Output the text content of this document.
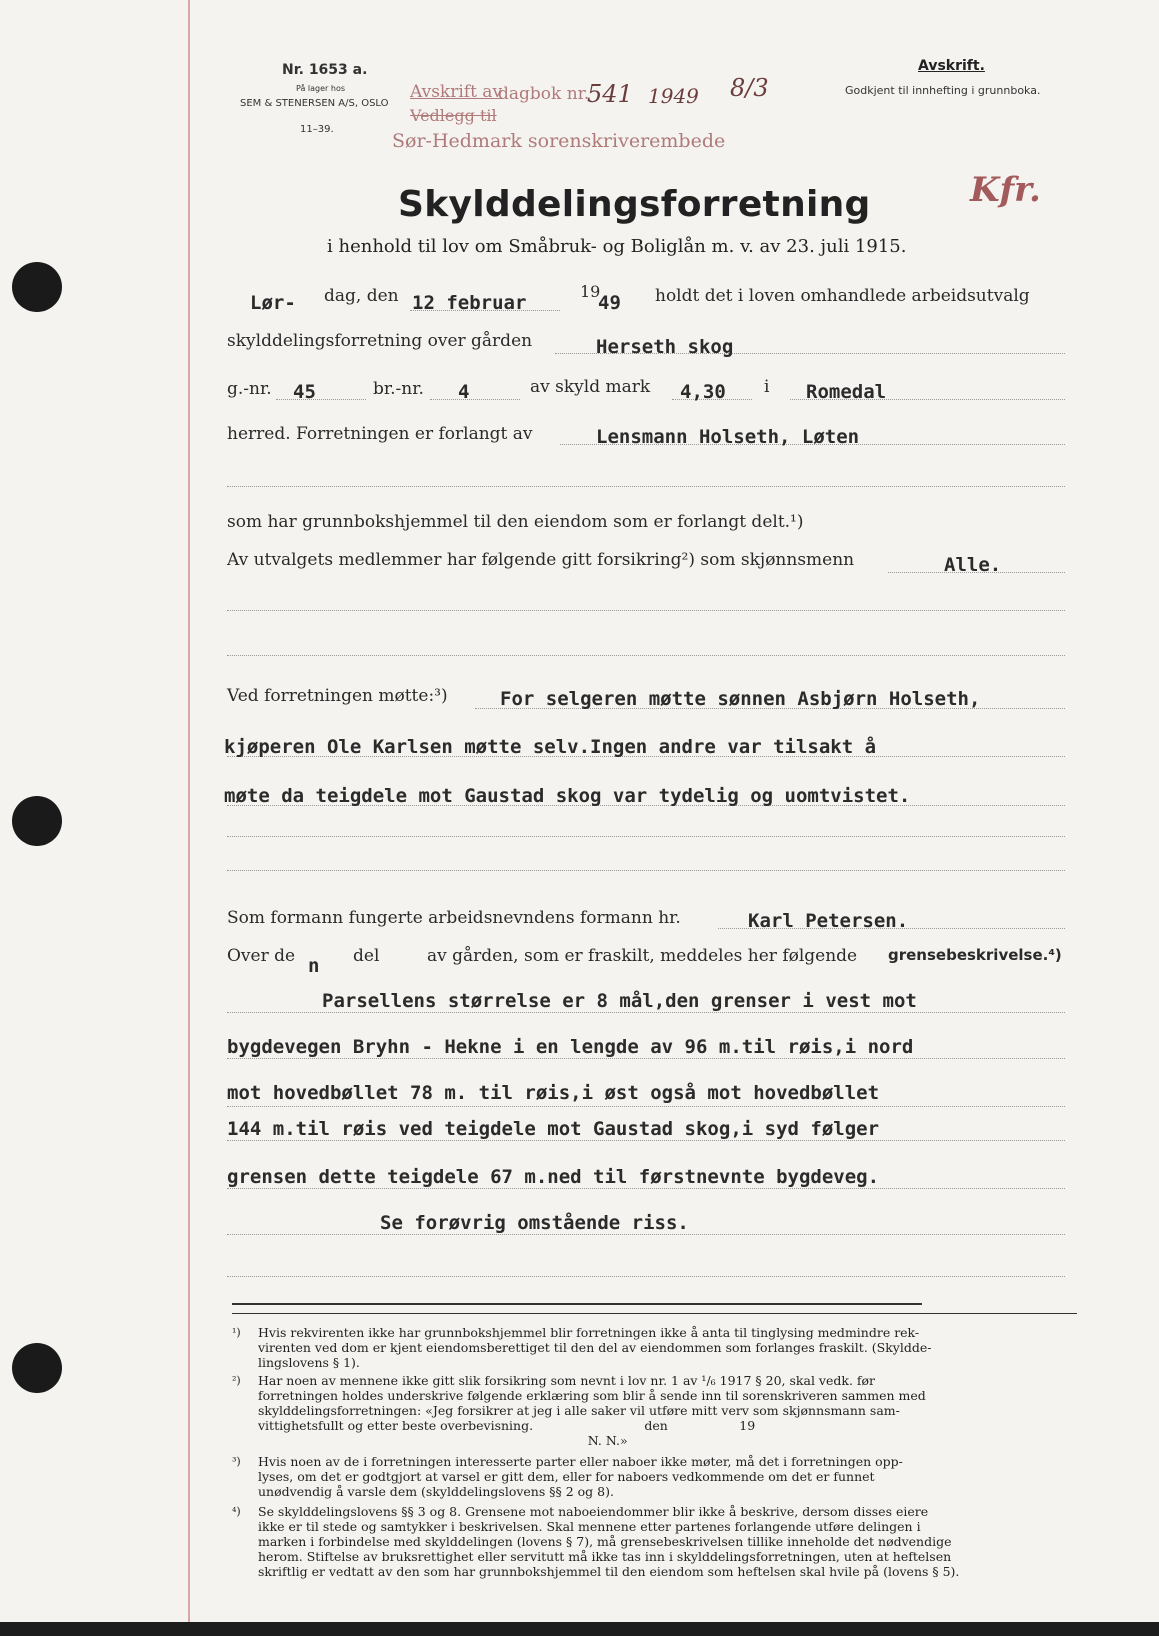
Nr. 1653 a.
På lager hos
SEM & STENERSEN A/S, OSLO
11–39.
Avskrift av
dagbok nr.
Vedlegg til
Sør-Hedmark sorenskriverembede
541 1949 8/3
Avskrift.
Godkjent til innhefting i grunnboka.
Kfr.
Skylddelingsforretning
i henhold til lov om Småbruk- og Boliglån m. v. av 23. juli 1915.
Lør- dag, den 12 februar
19
49 holdt det i loven omhandlede arbeidsutvalg
skylddelingsforretning over gården	Herseth skog
g.-nr. 45	br.-nr. 4	av skyld mark 4,30 i Romedal
herred. Forretningen er forlangt av	Lensmann Holseth, Løten
som har grunnbokshjemmel til den eiendom som er forlangt delt.¹)
Av utvalgets medlemmer har følgende gitt forsikring²) som skjønnsmenn	Alle.
Ved forretningen møtte:³)	For selgeren møtte sønnen Asbjørn Holseth,
kjøperen Ole Karlsen møtte selv.Ingen andre var tilsakt å
møte da teigdele mot Gaustad skog var tydelig og uomtvistet.
Som formann fungerte arbeidsnevndens formann hr.	Karl Petersen.
Over de n del	av gården, som er fraskilt, meddeles her følgende grensebeskrivelse.⁴)
Parsellens størrelse er 8 mål,den grenser i vest mot
bygdevegen Bryhn - Hekne i en lengde av 96 m.til røis,i nord
mot hovedbøllet 78 m. til røis,i øst også mot hovedbøllet
144 m.til røis ved teigdele mot Gaustad skog,i syd følger
grensen dette teigdele 67 m.ned til førstnevnte bygdeveg.
Se forøvrig omstående riss.
¹) Hvis rekvirenten ikke har grunnbokshjemmel blir forretningen ikke å anta til tinglysing medmindre rek-
virenten ved dom er kjent eiendomsberettiget til den del av eiendommen som forlanges fraskilt. (Skyldde-
lingslovens § 1).
²) Har noen av mennene ikke gitt slik forsikring som nevnt i lov nr. 1 av ¹/₆ 1917 § 20, skal vedk. før
forretningen holdes underskrive følgende erklæring som blir å sende inn til sorenskriveren sammen med
skylddelingsforretningen: «Jeg forsikrer at jeg i alle saker vil utføre mitt verv som skjønnsmann sam-
vittighetsfullt og etter beste overbevisning.                            den                  19
N. N.»
³) Hvis noen av de i forretningen interesserte parter eller naboer ikke møter, må det i forretningen opp-
lyses, om det er godtgjort at varsel er gitt dem, eller for naboers vedkommende om det er funnet
unødvendig å varsle dem (skylddelingslovens §§ 2 og 8).
⁴) Se skylddelingslovens §§ 3 og 8. Grensene mot naboeiendommer blir ikke å beskrive, dersom disses eiere
ikke er til stede og samtykker i beskrivelsen. Skal mennene etter partenes forlangende utføre delingen i
marken i forbindelse med skylddelingen (lovens § 7), må grensebeskrivelsen tillike inneholde det nødvendige
herom. Stiftelse av bruksrettighet eller servitutt må ikke tas inn i skylddelingsforretningen, uten at heftelsen
skriftlig er vedtatt av den som har grunnbokshjemmel til den eiendom som heftelsen skal hvile på (lovens § 5).
